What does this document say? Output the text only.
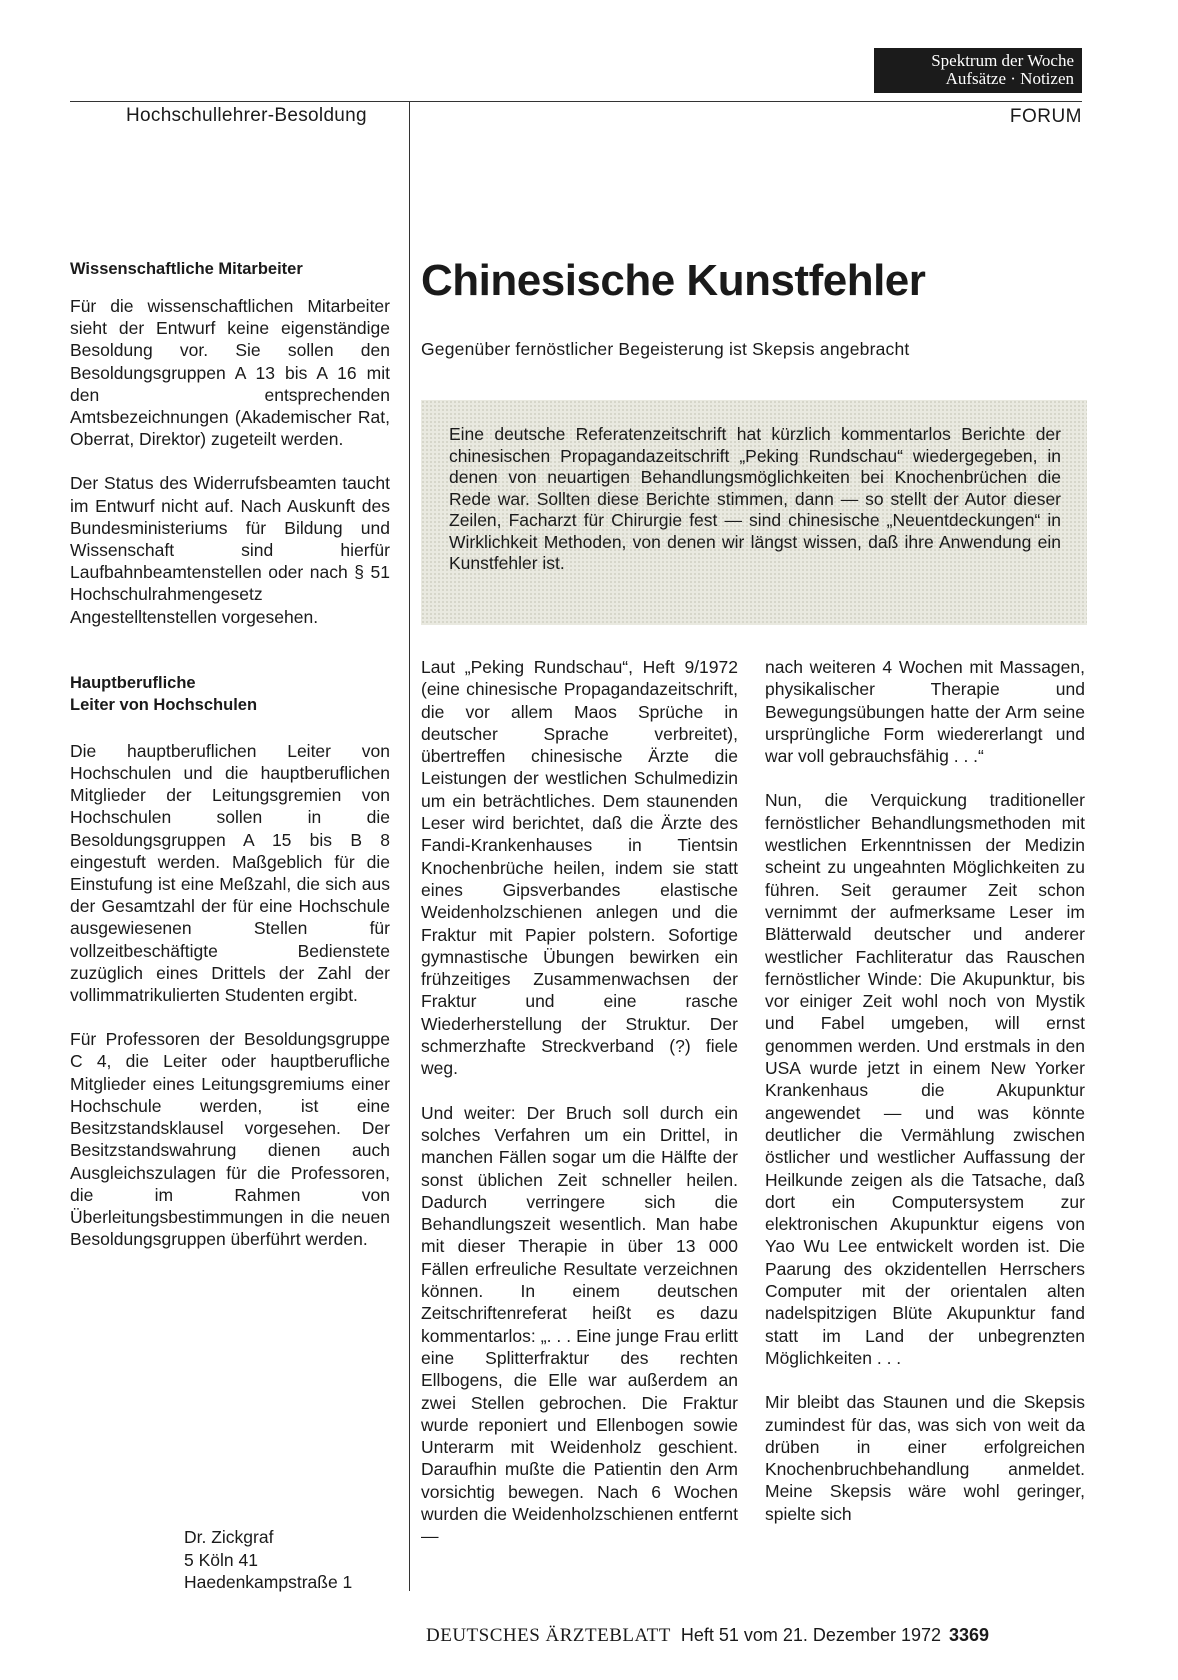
Spektrum der Woche
Aufsätze · Notizen
Hochschullehrer-Besoldung	FORUM
Wissenschaftliche Mitarbeiter

Für die wissenschaftlichen Mitarbeiter sieht der Entwurf keine eigenständige Besoldung vor. Sie sollen den Besoldungsgruppen A 13 bis A 16 mit den entsprechenden Amtsbezeichnungen (Akademischer Rat, Oberrat, Direktor) zugeteilt werden.

Der Status des Widerrufsbeamten taucht im Entwurf nicht auf. Nach Auskunft des Bundesministeriums für Bildung und Wissenschaft sind hierfür Laufbahnbeamtenstellen oder nach § 51 Hochschulrahmengesetz Angestelltenstellen vorgesehen.

Hauptberufliche
Leiter von Hochschulen

Die hauptberuflichen Leiter von Hochschulen und die hauptberuflichen Mitglieder der Leitungsgremien von Hochschulen sollen in die Besoldungsgruppen A 15 bis B 8 eingestuft werden. Maßgeblich für die Einstufung ist eine Meßzahl, die sich aus der Gesamtzahl der für eine Hochschule ausgewiesenen Stellen für vollzeitbeschäftigte Bedienstete zuzüglich eines Drittels der Zahl der vollimmatrikulierten Studenten ergibt.

Für Professoren der Besoldungsgruppe C 4, die Leiter oder hauptberufliche Mitglieder eines Leitungsgremiums einer Hochschule werden, ist eine Besitzstandsklausel vorgesehen. Der Besitzstandswahrung dienen auch Ausgleichszulagen für die Professoren, die im Rahmen von Überleitungsbestimmungen in die neuen Besoldungsgruppen überführt werden.

Dr. Zickgraf
5 Köln 41
Haedenkampstraße 1
Chinesische Kunstfehler
Gegenüber fernöstlicher Begeisterung ist Skepsis angebracht

Eine deutsche Referatenzeitschrift hat kürzlich kommentarlos Berichte der chinesischen Propagandazeitschrift „Peking Rundschau“ wiedergegeben, in denen von neuartigen Behandlungsmöglichkeiten bei Knochenbrüchen die Rede war. Sollten diese Berichte stimmen, dann — so stellt der Autor dieser Zeilen, Facharzt für Chirurgie fest — sind chinesische „Neuentdeckungen“ in Wirklichkeit Methoden, von denen wir längst wissen, daß ihre Anwendung ein Kunstfehler ist.

Laut „Peking Rundschau“, Heft 9/1972 (eine chinesische Propagandazeitschrift, die vor allem Maos Sprüche in deutscher Sprache verbreitet), übertreffen chinesische Ärzte die Leistungen der westlichen Schulmedizin um ein beträchtliches. Dem staunenden Leser wird berichtet, daß die Ärzte des Fandi-Krankenhauses in Tientsin Knochenbrüche heilen, indem sie statt eines Gipsverbandes elastische Weidenholzschienen anlegen und die Fraktur mit Papier polstern. Sofortige gymnastische Übungen bewirken ein frühzeitiges Zusammenwachsen der Fraktur und eine rasche Wiederherstellung der Struktur. Der schmerzhafte Streckverband (?) fiele weg.

Und weiter: Der Bruch soll durch ein solches Verfahren um ein Drittel, in manchen Fällen sogar um die Hälfte der sonst üblichen Zeit schneller heilen. Dadurch verringere sich die Behandlungszeit wesentlich. Man habe mit dieser Therapie in über 13 000 Fällen erfreuliche Resultate verzeichnen können. In einem deutschen Zeitschriftenreferat heißt es dazu kommentarlos: „. . . Eine junge Frau erlitt eine Splitterfraktur des rechten Ellbogens, die Elle war außerdem an zwei Stellen gebrochen. Die Fraktur wurde reponiert und Ellenbogen sowie Unterarm mit Weidenholz geschient. Daraufhin mußte die Patientin den Arm vorsichtig bewegen. Nach 6 Wochen wurden die Weidenholzschienen entfernt —

nach weiteren 4 Wochen mit Massagen, physikalischer Therapie und Bewegungsübungen hatte der Arm seine ursprüngliche Form wiedererlangt und war voll gebrauchsfähig . . .“

Nun, die Verquickung traditioneller fernöstlicher Behandlungsmethoden mit westlichen Erkenntnissen der Medizin scheint zu ungeahnten Möglichkeiten zu führen. Seit geraumer Zeit schon vernimmt der aufmerksame Leser im Blätterwald deutscher und anderer westlicher Fachliteratur das Rauschen fernöstlicher Winde: Die Akupunktur, bis vor einiger Zeit wohl noch von Mystik und Fabel umgeben, will ernst genommen werden. Und erstmals in den USA wurde jetzt in einem New Yorker Krankenhaus die Akupunktur angewendet — und was könnte deutlicher die Vermählung zwischen östlicher und westlicher Auffassung der Heilkunde zeigen als die Tatsache, daß dort ein Computersystem zur elektronischen Akupunktur eigens von Yao Wu Lee entwickelt worden ist. Die Paarung des okzidentellen Herrschers Computer mit der orientalen alten nadelspitzigen Blüte Akupunktur fand statt im Land der unbegrenzten Möglichkeiten . . .

Mir bleibt das Staunen und die Skepsis zumindest für das, was sich von weit da drüben in einer erfolgreichen Knochenbruchbehandlung anmeldet. Meine Skepsis wäre wohl geringer, spielte sich

DEUTSCHES ÄRZTEBLATT Heft 51 vom 21. Dezember 1972 3369
